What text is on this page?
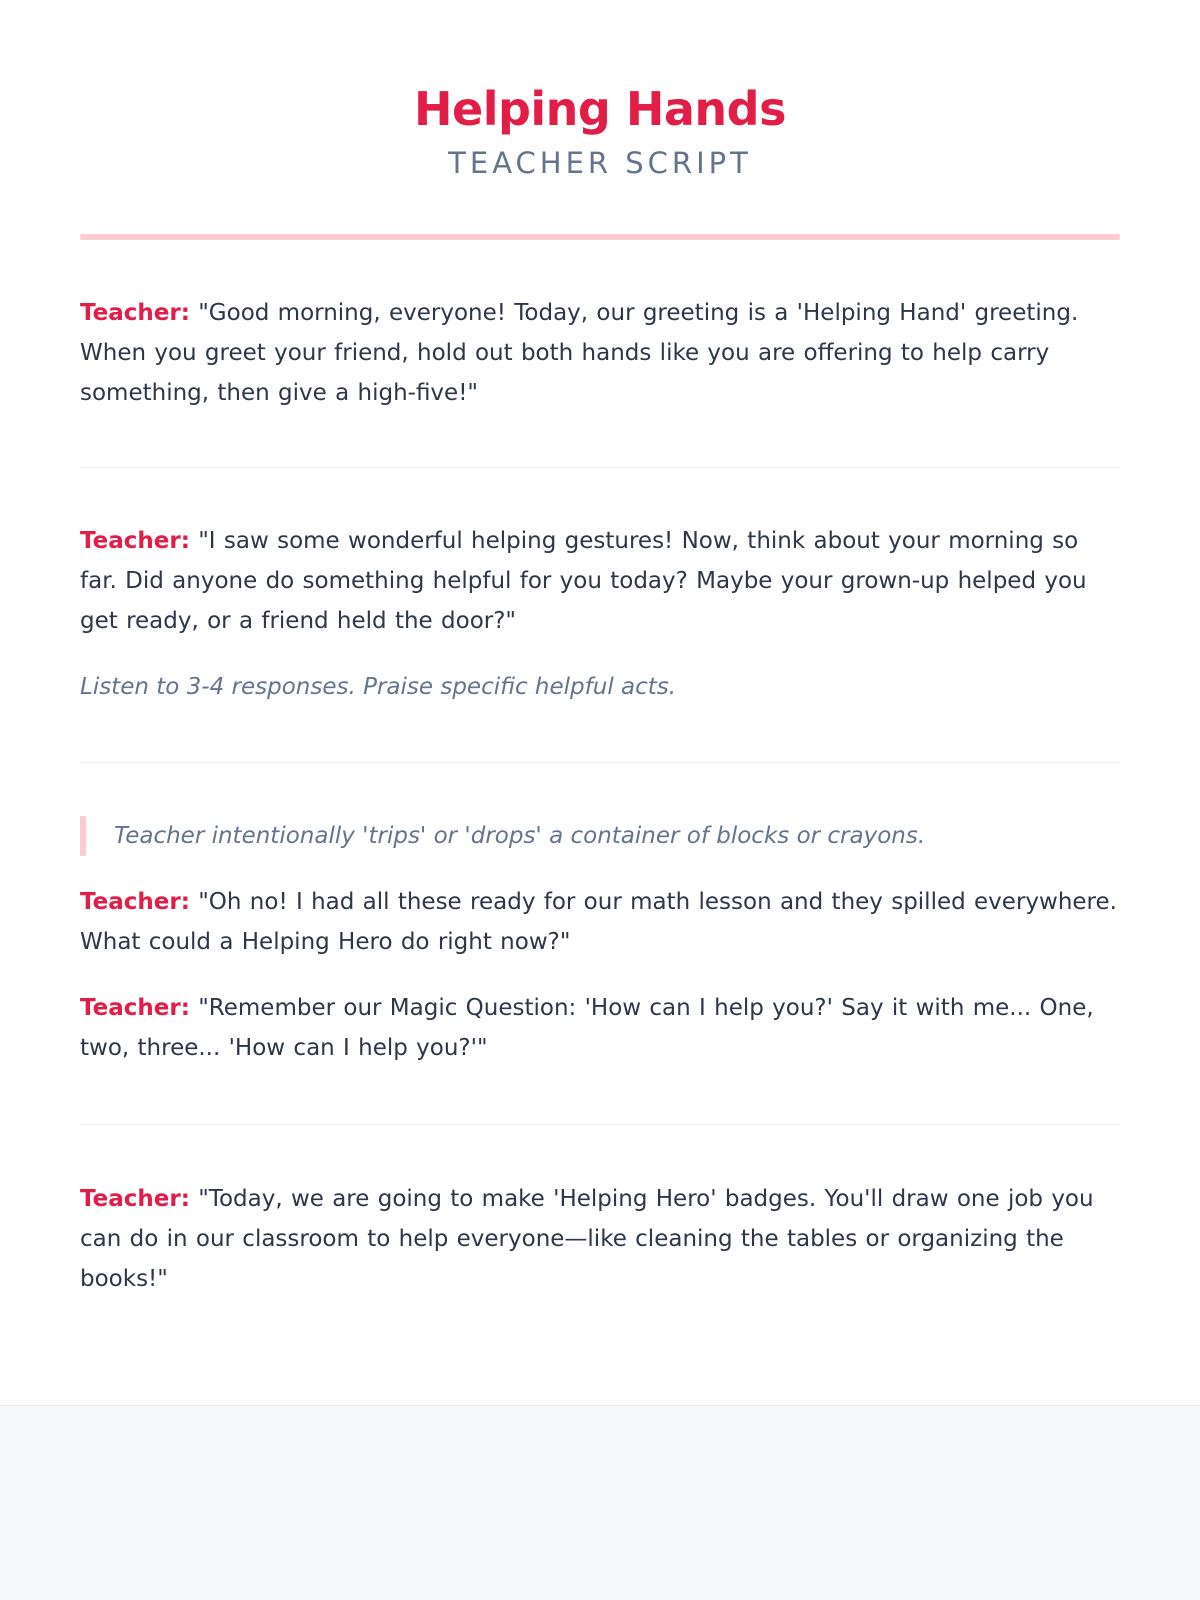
Helping Hands
TEACHER SCRIPT

Teacher: "Good morning, everyone! Today, our greeting is a 'Helping Hand' greeting. When you greet your friend, hold out both hands like you are offering to help carry something, then give a high-five!"

Teacher: "I saw some wonderful helping gestures! Now, think about your morning so far. Did anyone do something helpful for you today? Maybe your grown-up helped you get ready, or a friend held the door?"

Listen to 3-4 responses. Praise specific helpful acts.

Teacher intentionally 'trips' or 'drops' a container of blocks or crayons.

Teacher: "Oh no! I had all these ready for our math lesson and they spilled everywhere. What could a Helping Hero do right now?"

Teacher: "Remember our Magic Question: 'How can I help you?' Say it with me... One, two, three... 'How can I help you?'"

Teacher: "Today, we are going to make 'Helping Hero' badges. You'll draw one job you can do in our classroom to help everyone—like cleaning the tables or organizing the books!"
